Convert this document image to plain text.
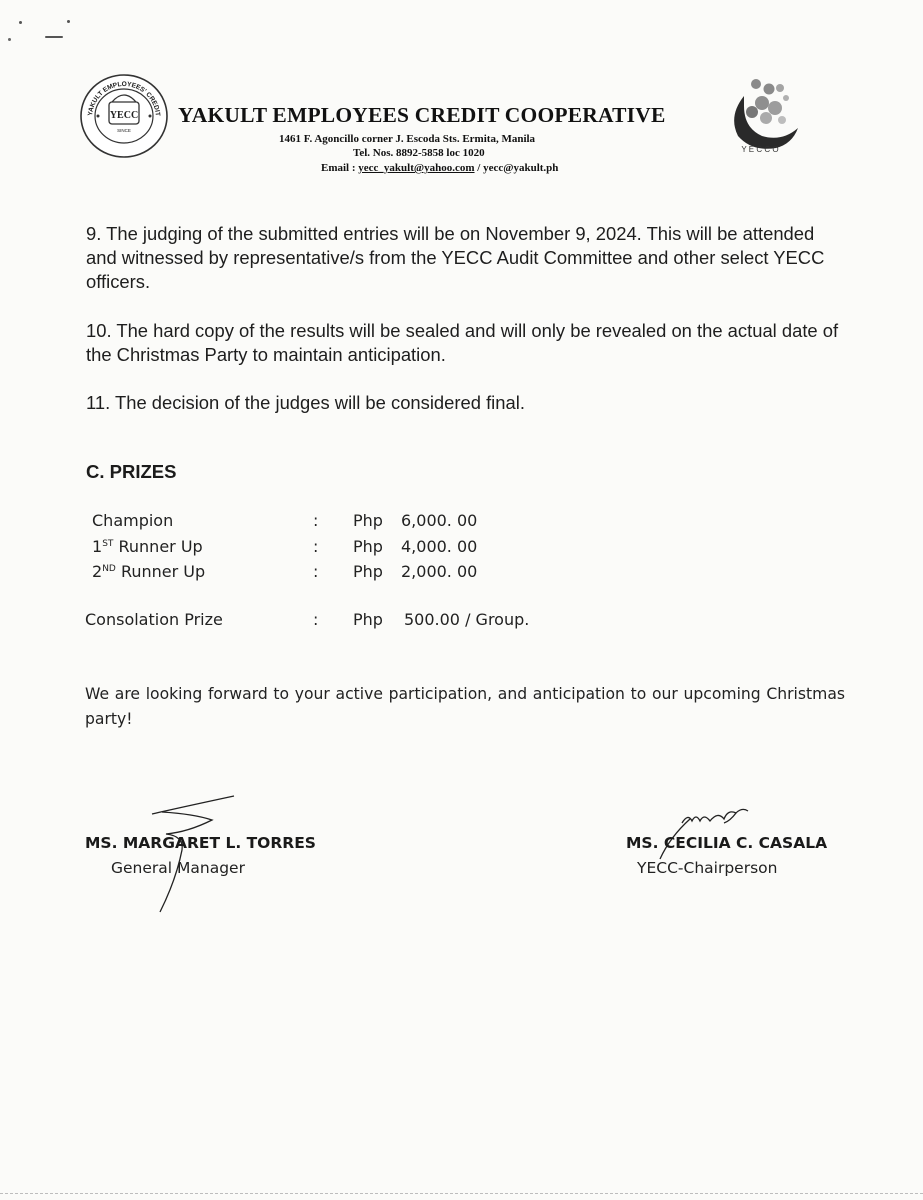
YAKULT EMPLOYEES' CREDIT
YECC
SINCE
YAKULT EMPLOYEES CREDIT COOPERATIVE
1461 F. Agoncillo corner J. Escoda Sts. Ermita, Manila
Tel. Nos. 8892-5858 loc 1020
Email : yecc_yakult@yahoo.com / yecc@yakult.ph
Y E C C O
9. The judging of the submitted entries will be on November 9, 2024. This will be attended and witnessed by representative/s from the YECC Audit Committee and other select YECC officers.
10. The hard copy of the results will be sealed and will only be revealed on the actual date of the Christmas Party to maintain anticipation.
11. The decision of the judges will be considered final.
C. PRIZES
Champion	: Php 6,000. 00
1ST Runner Up	: Php 4,000. 00
2ND Runner Up	: Php 2,000. 00
Consolation Prize	: Php 500.00 / Group.
We are looking forward to your active participation, and anticipation to our upcoming Christmas party!
MS. MARGARET L. TORRES
General Manager
MS. CECILIA C. CASALA
YECC-Chairperson
